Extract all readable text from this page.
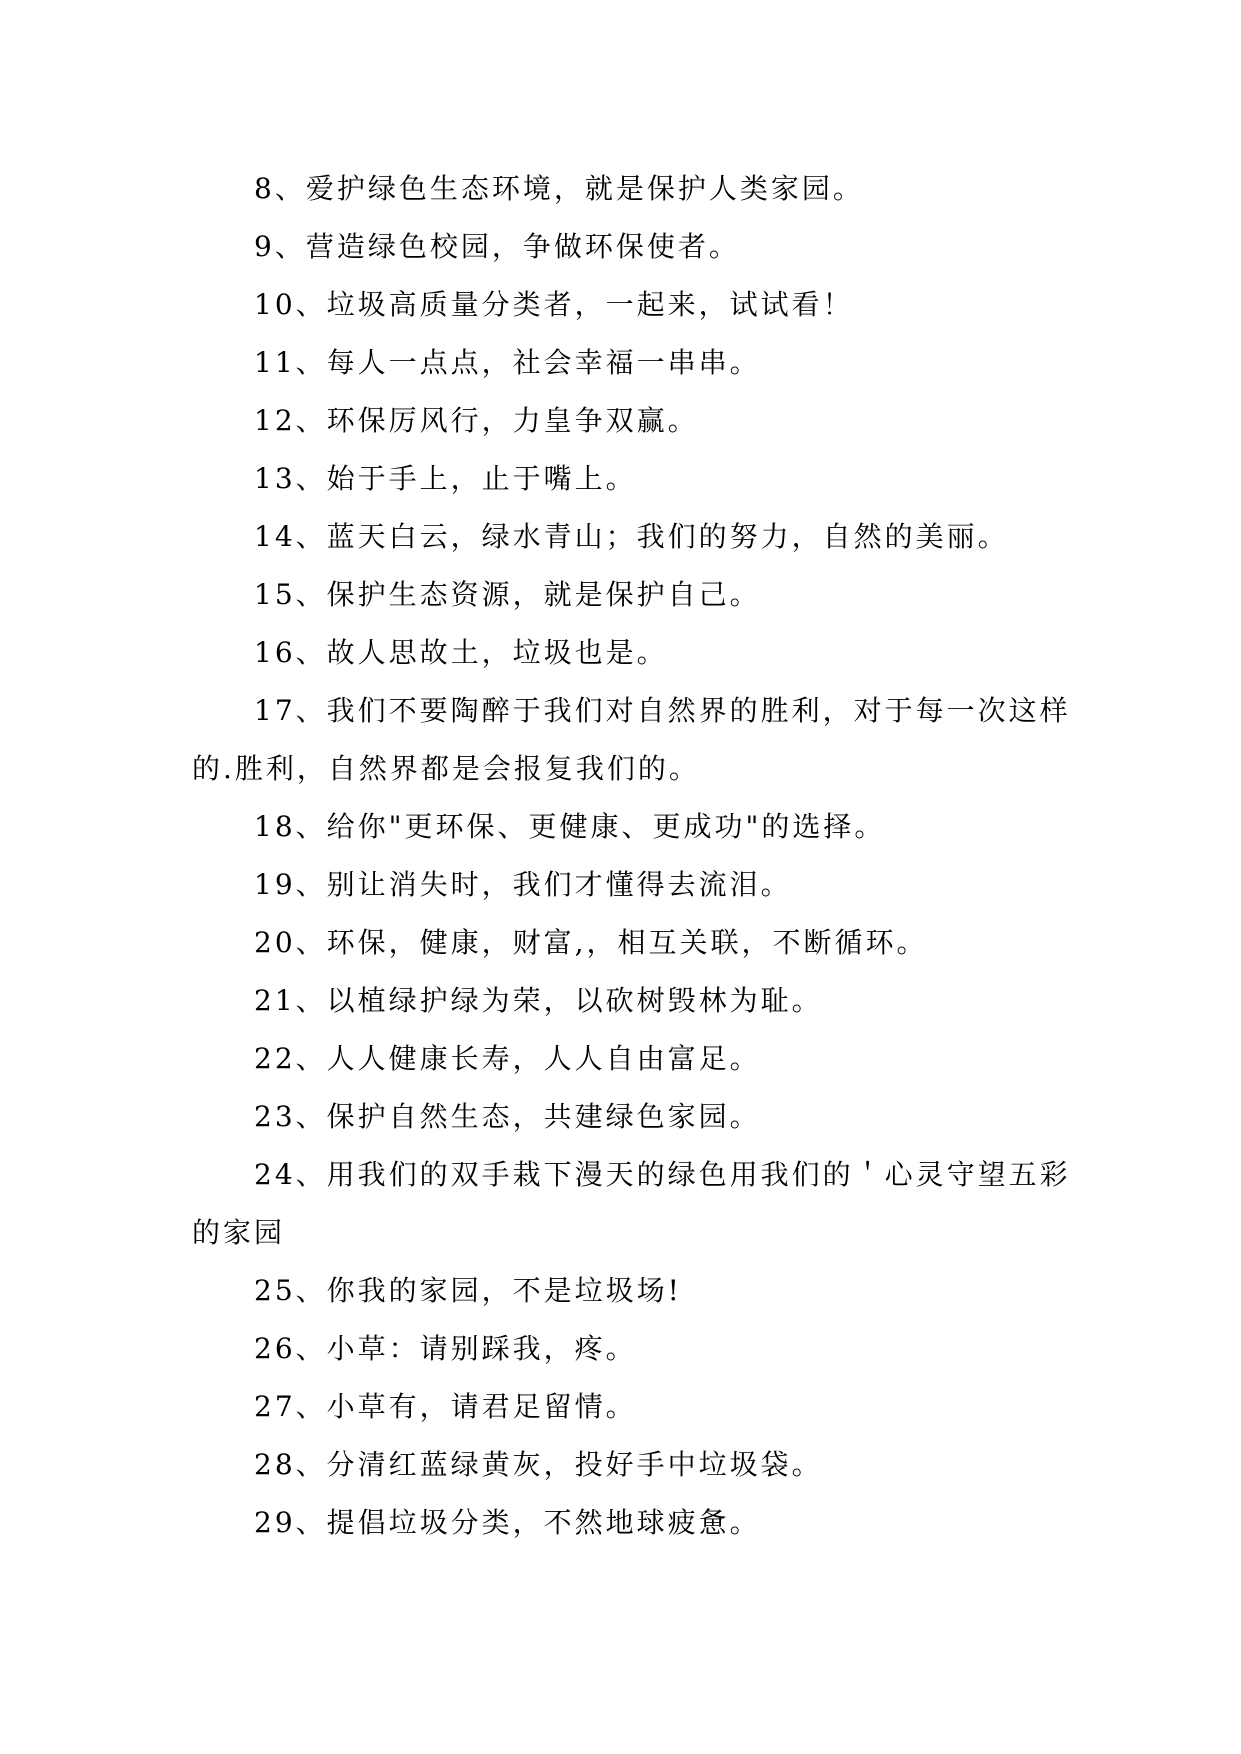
8、爱护绿色生态环境，就是保护人类家园。

9、营造绿色校园，争做环保使者。

10、垃圾高质量分类者，一起来，试试看！

11、每人一点点，社会幸福一串串。

12、环保厉风行，力皇争双赢。

13、始于手上，止于嘴上。

14、蓝天白云，绿水青山；我们的努力，自然的美丽。

15、保护生态资源，就是保护自己。

16、故人思故土，垃圾也是。

17、我们不要陶醉于我们对自然界的胜利，对于每一次这样的.胜利，自然界都是会报复我们的。

18、给你"更环保、更健康、更成功"的选择。

19、别让消失时，我们才懂得去流泪。

20、环保，健康，财富,，相互关联，不断循环。

21、以植绿护绿为荣，以砍树毁林为耻。

22、人人健康长寿，人人自由富足。

23、保护自然生态，共建绿色家园。

24、用我们的双手栽下漫天的绿色用我们的＇心灵守望五彩的家园

25、你我的家园，不是垃圾场!

26、小草：请别踩我，疼。

27、小草有，请君足留情。

28、分清红蓝绿黄灰，投好手中垃圾袋。

29、提倡垃圾分类，不然地球疲惫。
